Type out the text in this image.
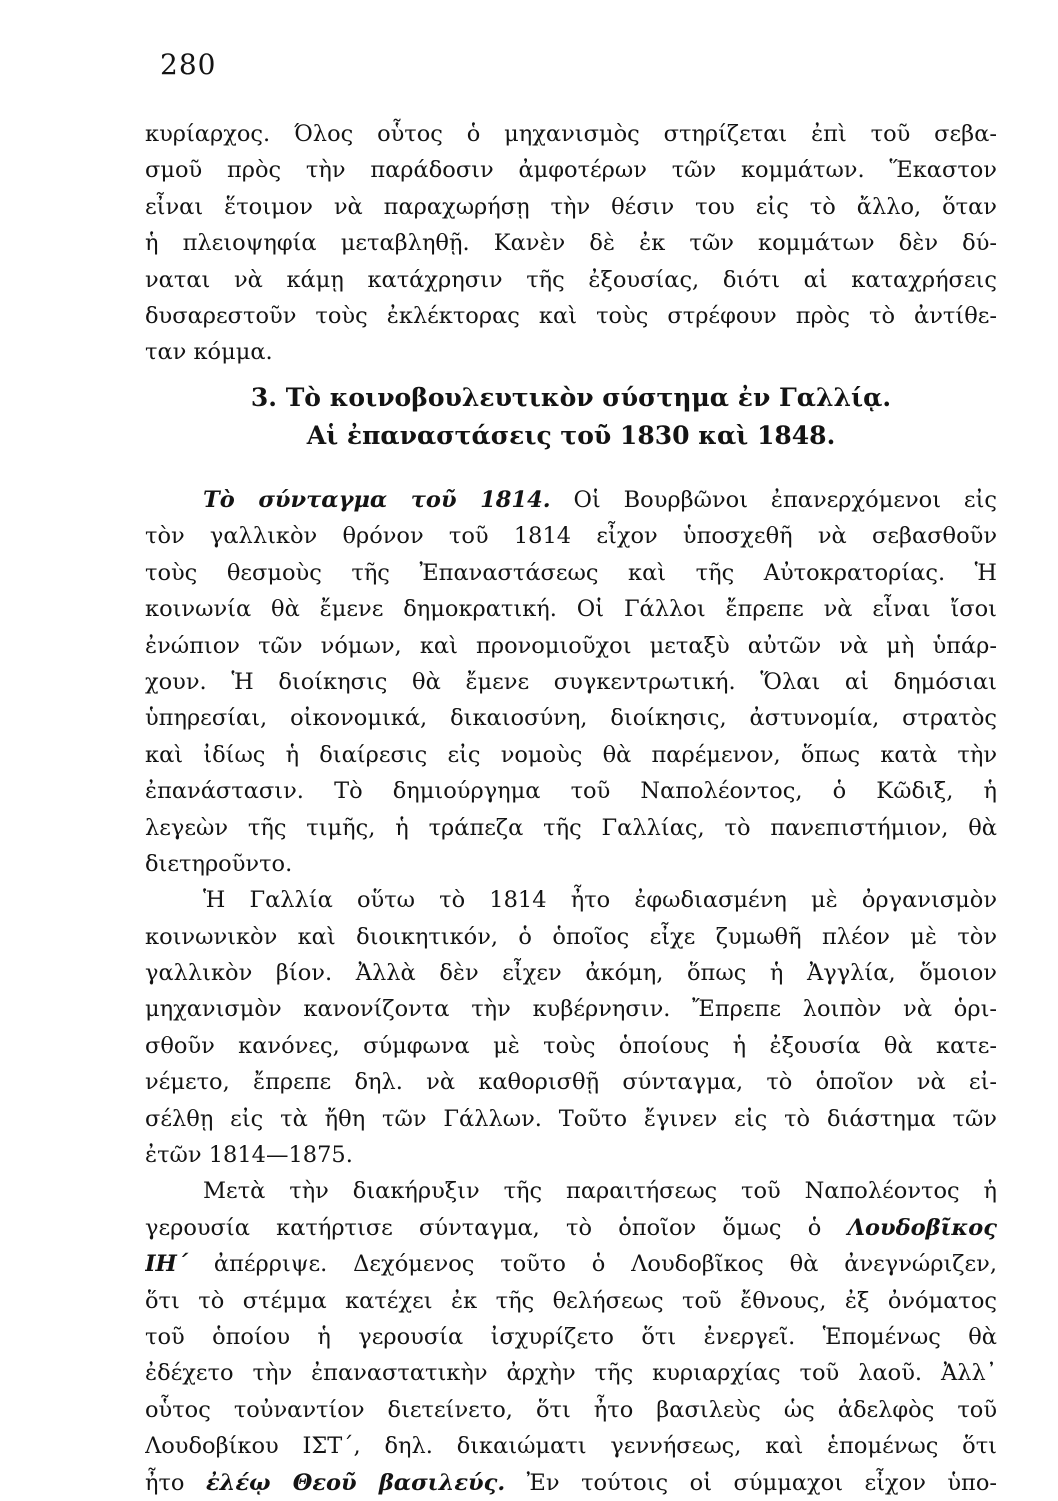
280
κυρίαρχος. Όλος οὗτος ὁ μηχανισμὸς στηρίζεται ἐπὶ τοῦ σεβα-
σμοῦ πρὸς τὴν παράδοσιν ἀμφοτέρων τῶν κομμάτων. Ἕκαστον
εἶναι ἕτοιμον νὰ παραχωρήσῃ τὴν θέσιν του εἰς τὸ ἄλλο, ὅταν
ἡ πλειοψηφία μεταβληθῇ. Κανὲν δὲ ἐκ τῶν κομμάτων δὲν δύ-
ναται νὰ κάμῃ κατάχρησιν τῆς ἐξουσίας, διότι αἱ καταχρήσεις
δυσαρεστοῦν τοὺς ἐκλέκτορας καὶ τοὺς στρέφουν πρὸς τὸ ἀντίθε-
ταν κόμμα.
3. Τὸ κοινοβουλευτικὸν σύστημα ἐν Γαλλίᾳ.
Αἱ ἐπαναστάσεις τοῦ 1830 καὶ 1848.
Τὸ σύνταγμα τοῦ 1814. Οἱ Βουρβῶνοι ἐπανερχόμενοι εἰς
τὸν γαλλικὸν θρόνον τοῦ 1814 εἶχον ὑποσχεθῆ νὰ σεβασθοῦν
τοὺς θεσμοὺς τῆς Ἐπαναστάσεως καὶ τῆς Αὐτοκρατορίας. Ἡ
κοινωνία θὰ ἔμενε δημοκρατική. Οἱ Γάλλοι ἔπρεπε νὰ εἶναι ἴσοι
ἐνώπιον τῶν νόμων, καὶ προνομιοῦχοι μεταξὺ αὐτῶν νὰ μὴ ὑπάρ-
χουν. Ἡ διοίκησις θὰ ἔμενε συγκεντρωτική. Ὅλαι αἱ δημόσιαι
ὑπηρεσίαι, οἰκονομικά, δικαιοσύνη, διοίκησις, ἀστυνομία, στρατὸς
καὶ ἰδίως ἡ διαίρεσις εἰς νομοὺς θὰ παρέμενον, ὅπως κατὰ τὴν
ἐπανάστασιν. Τὸ δημιούργημα τοῦ Ναπολέοντος, ὁ Κῶδιξ, ἡ
λεγεὼν τῆς τιμῆς, ἡ τράπεζα τῆς Γαλλίας, τὸ πανεπιστήμιον, θὰ
διετηροῦντο.
Ἡ Γαλλία οὕτω τὸ 1814 ἦτο ἐφωδιασμένη μὲ ὀργανισμὸν
κοινωνικὸν καὶ διοικητικόν, ὁ ὁποῖος εἶχε ζυμωθῆ πλέον μὲ τὸν
γαλλικὸν βίον. Ἀλλὰ δὲν εἶχεν ἀκόμη, ὅπως ἡ Ἀγγλία, ὅμοιον
μηχανισμὸν κανονίζοντα τὴν κυβέρνησιν. Ἔπρεπε λοιπὸν νὰ ὁρι-
σθοῦν κανόνες, σύμφωνα μὲ τοὺς ὁποίους ἡ ἐξουσία θὰ κατε-
νέμετο, ἔπρεπε δηλ. νὰ καθορισθῇ σύνταγμα, τὸ ὁποῖον νὰ εἰ-
σέλθῃ εἰς τὰ ἤθη τῶν Γάλλων. Τοῦτο ἔγινεν εἰς τὸ διάστημα τῶν
ἐτῶν 1814—1875.
Μετὰ τὴν διακήρυξιν τῆς παραιτήσεως τοῦ Ναπολέοντος ἡ
γερουσία κατήρτισε σύνταγμα, τὸ ὁποῖον ὅμως ὁ Λουδοβῖκος
ΙΗ΄ ἀπέρριψε. Δεχόμενος τοῦτο ὁ Λουδοβῖκος θὰ ἀνεγνώριζεν,
ὅτι τὸ στέμμα κατέχει ἐκ τῆς θελήσεως τοῦ ἔθνους, ἐξ ὀνόματος
τοῦ ὁποίου ἡ γερουσία ἰσχυρίζετο ὅτι ἐνεργεῖ. Ἑπομένως θὰ
ἐδέχετο τὴν ἐπαναστατικὴν ἀρχὴν τῆς κυριαρχίας τοῦ λαοῦ. Ἀλλ᾿
οὗτος τοὐναντίον διετείνετο, ὅτι ἦτο βασιλεὺς ὡς ἀδελφὸς τοῦ
Λουδοβίκου ΙΣΤ΄, δηλ. δικαιώματι γεννήσεως, καὶ ἑπομένως ὅτι
ἦτο ἐλέῳ Θεοῦ βασιλεύς. Ἐν τούτοις οἱ σύμμαχοι εἶχον ὑπο-
